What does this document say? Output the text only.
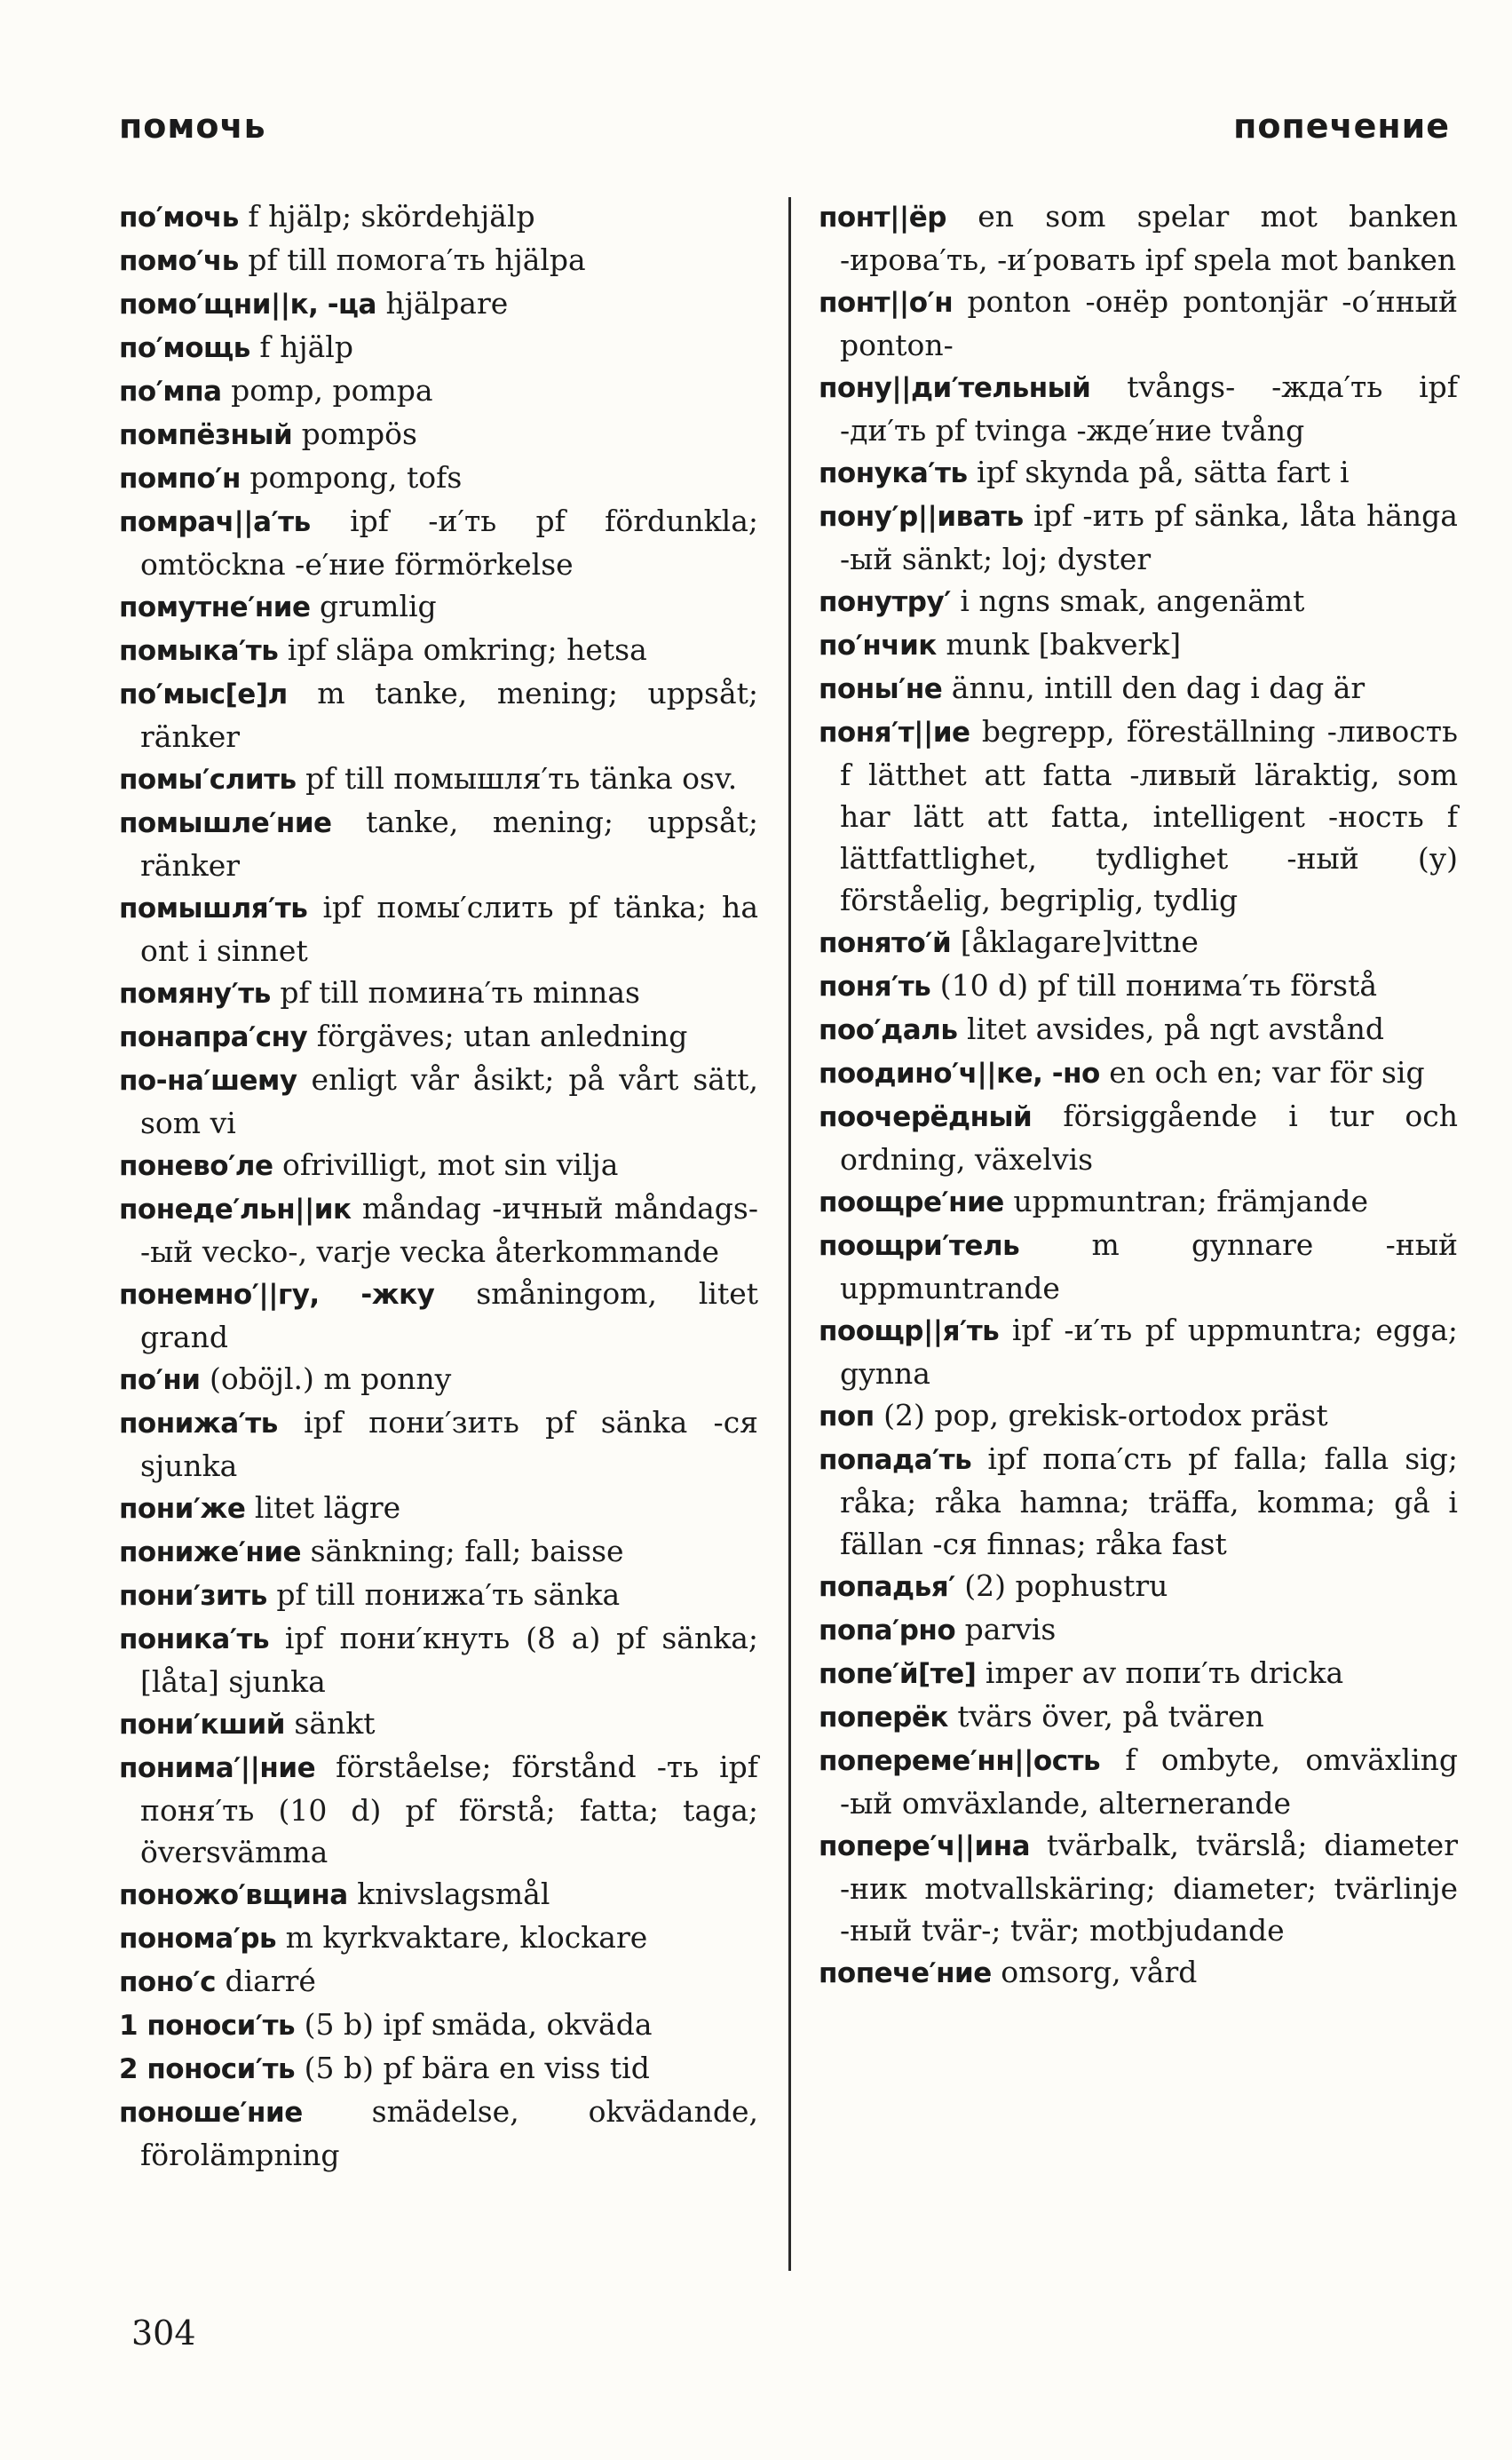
помочь	попечение

по′мочь f hjälp; skördehjälp

помо′чь pf till помога′ть hjälpa

помо′щни||к, -ца hjälpare

по′мощь f hjälp

по′мпа pomp, pompa

помпёзный pompös

помпо′н pompong, tofs

помрач||а′ть ipf -и′ть pf fördunkla; omtöckna -е′ние förmörkelse

помутне′ние grumlig

помыка′ть ipf släpa omkring; hetsa

по′мыс[е]л m tanke, mening; uppsåt; ränker

помы′слить pf till помышля′ть tänka osv.

помышле′ние tanke, mening; uppsåt; ränker

помышля′ть ipf помы′слить pf tänka; ha ont i sinnet

помяну′ть pf till помина′ть minnas

понапра′сну förgäves; utan anledning

по-на′шему enligt vår åsikt; på vårt sätt, som vi

понево′ле ofrivilligt, mot sin vilja

понеде′льн||ик måndag -ичный måndags- -ый vecko-, varje vecka återkommande

понемно′||гу, -жку småningom, litet grand

по′ни (oböjl.) m ponny

понижа′ть ipf пони′зить pf sänka -ся sjunka

пони′же litet lägre

пониже′ние sänkning; fall; baisse

пони′зить pf till понижа′ть sänka

поника′ть ipf пони′кнуть (8 a) pf sänka; [låta] sjunka

пони′кший sänkt

понима′||ние förståelse; förstånd -ть ipf поня′ть (10 d) pf förstå; fatta; taga; översvämma

поножо′вщина knivslagsmål

понома′рь m kyrkvaktare, klockare

поно′с diarré

1 поноси′ть (5 b) ipf smäda, okväda

2 поноси′ть (5 b) pf bära en viss tid

поноше′ние smädelse, okvädande, förolämpning

понт||ёр en som spelar mot banken -ирова′ть, -и′ровать ipf spela mot banken

понт||о′н ponton -онёр pontonjär -о′нный ponton-

пону||ди′тельный tvångs- -жда′ть ipf -ди′ть pf tvinga -жде′ние tvång

понука′ть ipf skynda på, sätta fart i

пону′р||ивать ipf -ить pf sänka, låta hänga -ый sänkt; loj; dyster

понутру′ i ngns smak, angenämt

по′нчик munk [bakverk]

поны′не ännu, intill den dag i dag är

поня′т||ие begrepp, föreställning -ливость f lätthet att fatta -ливый läraktig, som har lätt att fatta, intelligent -ность f lättfattlighet, tydlighet -ный (у) förståelig, begriplig, tydlig

понято′й [åklagare]vittne

поня′ть (10 d) pf till понима′ть förstå

поо′даль litet avsides, på ngt avstånd

поодино′ч||ке, -но en och en; var för sig

поочерёдный försiggående i tur och ordning, växelvis

поощре′ние uppmuntran; främjande

поощри′тель m gynnare -ный uppmuntrande

поощр||я′ть ipf -и′ть pf uppmuntra; egga; gynna

поп (2) pop, grekisk-ortodox präst

попада′ть ipf попа′сть pf falla; falla sig; råka; råka hamna; träffa, komma; gå i fällan -ся finnas; råka fast

попадья′ (2) pophustru

попа′рно parvis

попе′й[те] imper av попи′ть dricka

поперёк tvärs över, på tvären

попереме′нн||ость f ombyte, omväxling -ый omväxlande, alternerande

попере′ч||ина tvärbalk, tvärslå; diameter -ник motvallskäring; diameter; tvärlinje -ный tvär-; tvär; motbjudande

попече′ние omsorg, vård

304
